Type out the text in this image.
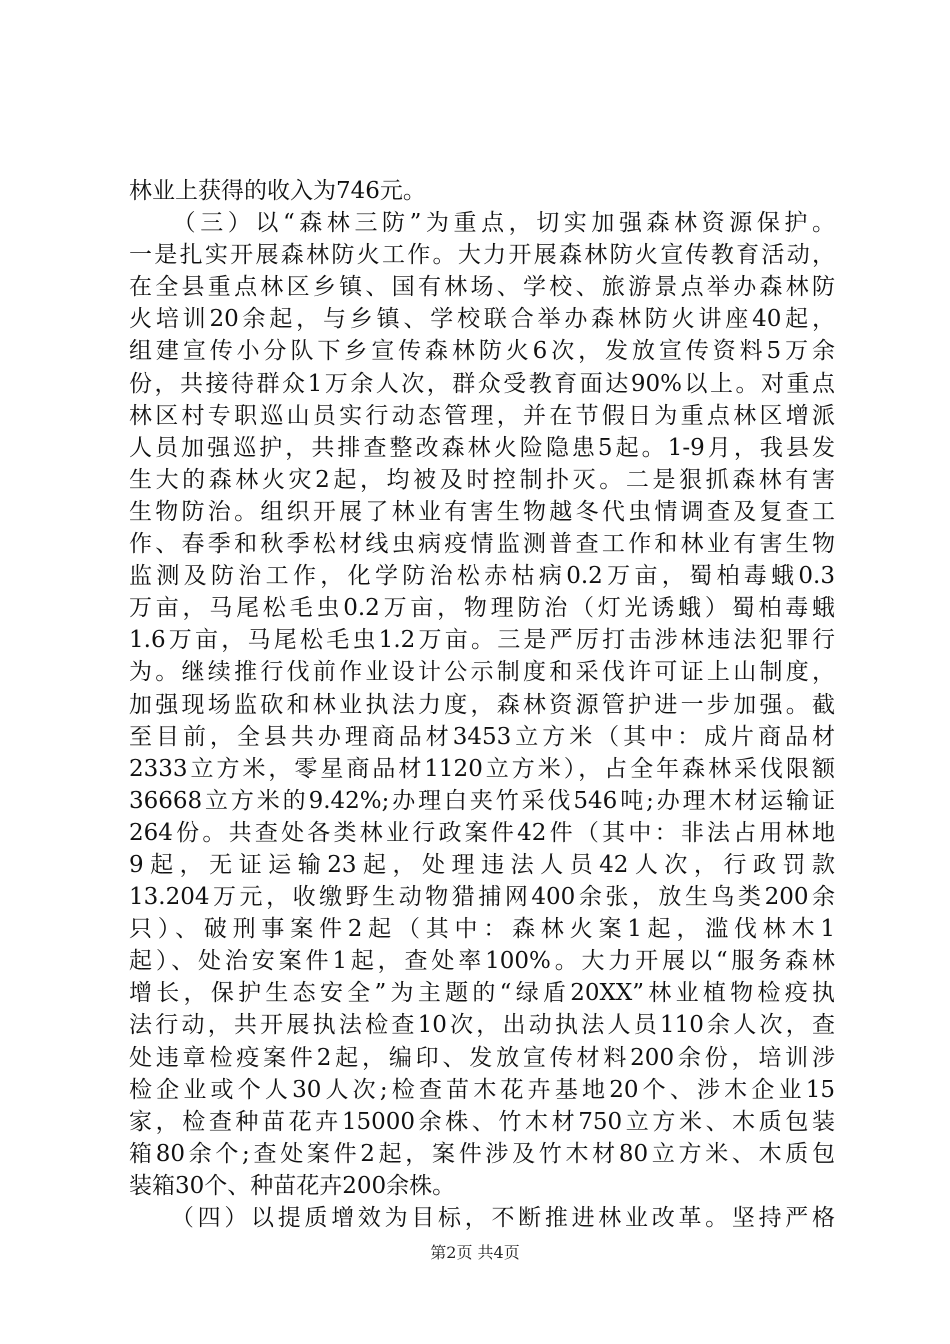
林业上获得的收入为746元。
　　（三）以“森林三防”为重点，切实加强森林资源保护。
一是扎实开展森林防火工作。大力开展森林防火宣传教育活动，
在全县重点林区乡镇、国有林场、学校、旅游景点举办森林防
火培训20余起，与乡镇、学校联合举办森林防火讲座40起，
组建宣传小分队下乡宣传森林防火6次，发放宣传资料5万余
份，共接待群众1万余人次，群众受教育面达90%以上。对重点
林区村专职巡山员实行动态管理，并在节假日为重点林区增派
人员加强巡护，共排查整改森林火险隐患5起。1-9月，我县发
生大的森林火灾2起，均被及时控制扑灭。二是狠抓森林有害
生物防治。组织开展了林业有害生物越冬代虫情调查及复查工
作、春季和秋季松材线虫病疫情监测普查工作和林业有害生物
监测及防治工作，化学防治松赤枯病0.2万亩，蜀柏毒蛾0.3
万亩，马尾松毛虫0.2万亩，物理防治（灯光诱蛾）蜀柏毒蛾
1.6万亩，马尾松毛虫1.2万亩。三是严厉打击涉林违法犯罪行
为。继续推行伐前作业设计公示制度和采伐许可证上山制度，
加强现场监砍和林业执法力度，森林资源管护进一步加强。截
至目前，全县共办理商品材3453立方米（其中：成片商品材
2333立方米，零星商品材1120立方米），占全年森林采伐限额
36668立方米的9.42%;办理白夹竹采伐546吨;办理木材运输证
264份。共查处各类林业行政案件42件（其中：非法占用林地
9起，无证运输23起，处理违法人员42人次，行政罚款
13.204万元，收缴野生动物猎捕网400余张，放生鸟类200余
只）、破刑事案件2起（其中：森林火案1起，滥伐林木1
起）、处治安案件1起，查处率100%。大力开展以“服务森林
增长，保护生态安全”为主题的“绿盾20XX”林业植物检疫执
法行动，共开展执法检查10次，出动执法人员110余人次，查
处违章检疫案件2起，编印、发放宣传材料200余份，培训涉
检企业或个人30人次;检查苗木花卉基地20个、涉木企业15
家，检查种苗花卉15000余株、竹木材750立方米、木质包装
箱80余个;查处案件2起，案件涉及竹木材80立方米、木质包
装箱30个、种苗花卉200余株。
　　（四）以提质增效为目标，不断推进林业改革。坚持严格
第2页 共4页
